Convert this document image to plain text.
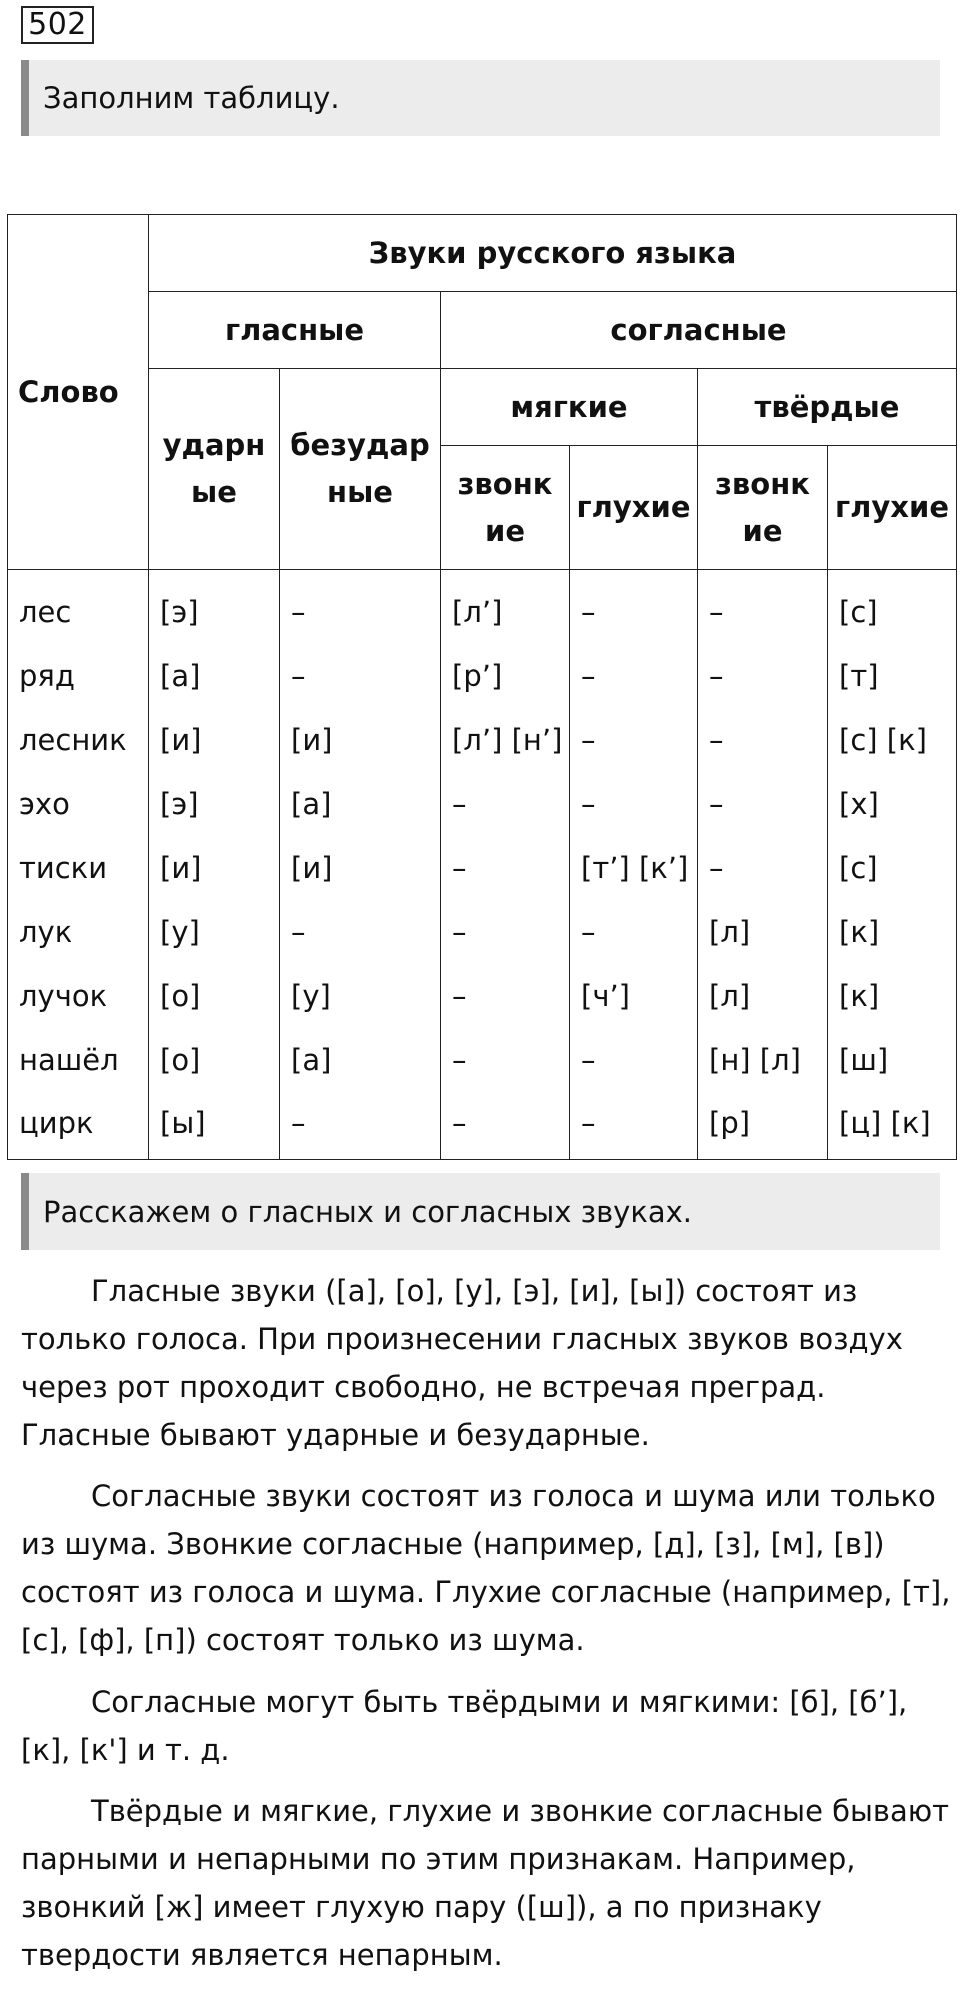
502
Заполним таблицу.
Слово	Звуки русского языка					
	гласные		согласные			
	ударн ые	безудар ные	мягкие		твёрдые	
			звонк ие	глухие	звонк ие	глухие
лес	[э]	–	[л’]	–	–	[с]
ряд	[а]	–	[р’]	–	–	[т]
лесник	[и]	[и]	[л’] [н’]	–	–	[с] [к]
эхо	[э]	[а]	–	–	–	[х]
тиски	[и]	[и]	–	[т’] [к’]	–	[с]
лук	[у]	–	–	–	[л]	[к]
лучок	[о]	[у]	–	[ч’]	[л]	[к]
нашёл	[о]	[а]	–	–	[н] [л]	[ш]
цирк	[ы]	–	–	–	[р]	[ц] [к]
Расскажем о гласных и согласных звуках.

Гласные звуки ([а], [о], [у], [э], [и], [ы]) состоят из только голоса. При произнесении гласных звуков воздух через рот проходит свободно, не встречая преград. Гласные бывают ударные и безударные.

Согласные звуки состоят из голоса и шума или только из шума. Звонкие согласные (например, [д], [з], [м], [в]) состоят из голоса и шума. Глухие согласные (например, [т], [с], [ф], [п]) состоят только из шума.

Согласные могут быть твёрдыми и мягкими: [б], [б’], [к], [к'] и т. д.

Твёрдые и мягкие, глухие и звонкие согласные бывают парными и непарными по этим признакам. Например, звонкий [ж] имеет глухую пару ([ш]), а по признаку твердости является непарным.
